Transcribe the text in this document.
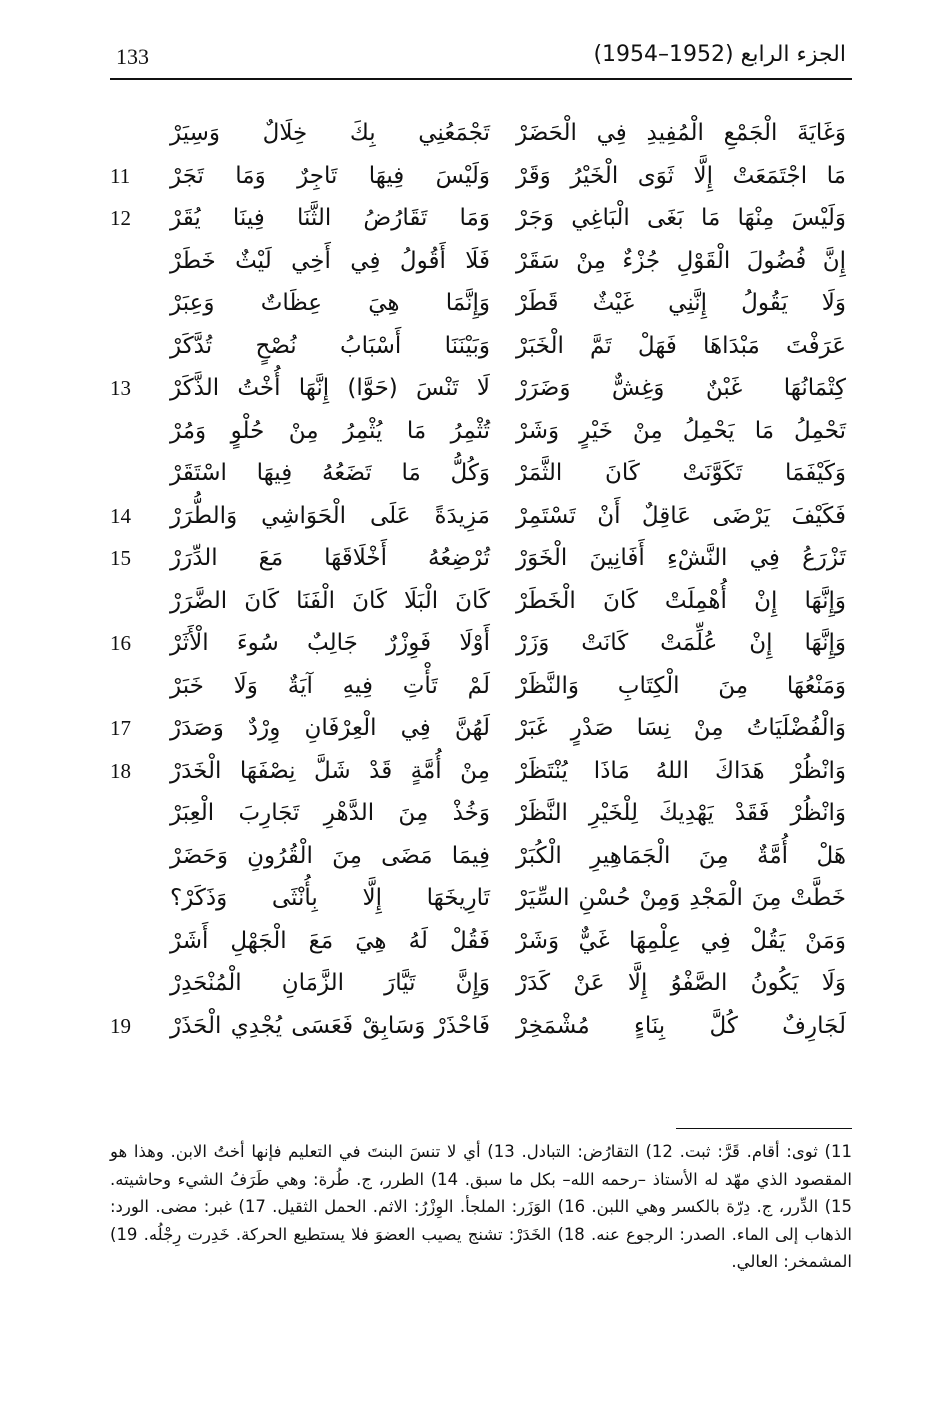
133	الجزء الرابع (1952–1954)
وَغَايَةَ الْجَمْعِ الْمُفِيدِ فِي الْحَضَرْ
تَجْمَعُنِي بِكَ خِلَالٌ وَسِيَرْ
مَا اجْتَمَعَتْ إِلَّا ثَوَى الْخَيْرُ وَقَرْ
وَلَيْسَ فِيهَا تَاجِرٌ وَمَا تَجَرْ
11
وَلَيْسَ مِنْهَا مَا بَغَى الْبَاغِي وَجَرْ
وَمَا تَقَارُضُ الثَّنَا فِينَا يُقَرْ
12
إِنَّ فُضُولَ الْقَوْلِ جُزْءٌ مِنْ سَقَرْ
فَلَا أَقُولُ فِي أَخِي لَيْثٌ خَطَرْ
وَلَا يَقُولُ إِنَّنِي غَيْثٌ قَطَرْ
وَإِنَّمَا هِيَ عِظَاتٌ وَعِبَرْ
عَرَفْتَ مَبْدَاهَا فَهَلْ تَمَّ الْخَبَرْ
وَبَيْنَنَا أَسْبَابُ نُصْحٍ تُدَّكَرْ
كِتْمَانُهَا غَبْنٌ وَغِشٌّ وَضَرَرْ
لَا تَنْسَ (حَوَّا) إِنَّهَا أُخْتُ الذَّكَرْ
13
تَحْمِلُ مَا يَحْمِلُ مِنْ خَيْرٍ وَشَرْ
تُثْمِرُ مَا يُثْمِرُ مِنْ حُلْوٍ وَمُرْ
وَكَيْفَمَا تَكَوَّنَتْ كَانَ الثَّمَرْ
وَكُلُّ مَا تَضَعُهُ فِيهَا اسْتَقَرْ
فَكَيْفَ يَرْضَى عَاقِلٌ أَنْ تَسْتَمِرْ
مَزِيدَةً عَلَى الْحَوَاشِي وَالطُّرَرْ
14
تَزْرَعُ فِي النَّشْءِ أَفَانِينَ الْخَوَرْ
تُرْضِعُهُ أَخْلَاقَهَا مَعَ الدِّرَرْ
15
وَإِنَّهَا إِنْ أُهْمِلَتْ كَانَ الْخَطَرْ
كَانَ الْبَلَا كَانَ الْفَنَا كَانَ الضَّرَرْ
وَإِنَّهَا إِنْ عُلِّمَتْ كَانَتْ وَزَرْ
أَوْلَا فَوِزْرٌ جَالِبٌ سُوءَ الْأَثَرْ
16
وَمَنْعُهَا مِنَ الْكِتَابِ وَالنَّظَرْ
لَمْ تَأْتِ فِيهِ آيَةٌ وَلَا خَبَرْ
وَالْفُضْلَيَاتُ مِنْ نِسَا صَدْرٍ غَبَرْ
لَهُنَّ فِي الْعِرْفَانِ وِرْدٌ وَصَدَرْ
17
وَانْظُرْ هَدَاكَ اللهُ مَاذَا يُنْتَظَرْ
مِنْ أُمَّةٍ قَدْ شَلَّ نِصْفَهَا الْخَدَرْ
18
وَانْظُرْ فَقَدْ يَهْدِيكَ لِلْخَيْرِ النَّظَرْ
وَخُذْ مِنَ الدَّهْرِ تَجَارِبَ الْعِبَرْ
هَلْ أُمَّةٌ مِنَ الْجَمَاهِيرِ الْكُبَرْ
فِيمَا مَضَى مِنَ الْقُرُونِ وَحَضَرْ
خَطَّتْ مِنَ الْمَجْدِ وَمِنْ حُسْنِ السِّيَرْ
تَارِيخَهَا إِلَّا بِأُنْثَى وَذَكَرْ؟
وَمَنْ يَقُلْ فِي عِلْمِهَا غَيٌّ وَشَرْ
فَقُلْ لَهُ هِيَ مَعَ الْجَهْلِ أَشَرْ
وَلَا يَكُونُ الصَّفْوُ إِلَّا عَنْ كَدَرْ
وَإِنَّ تَيَّارَ الزَّمَانِ الْمُنْحَدِرْ
لَجَارِفٌ كُلَّ بِنَاءٍ مُشْمَخِرْ
فَاحْذَرْ وَسَابِقْ فَعَسَى يُجْدِي الْحَذَرْ
19
11) ثوى: أقام. قَرَّ: ثبت. 12) التقارُض: التبادل. 13) أي لا تنسَ البنتَ في التعليم فإنها أختُ الابن. وهذا هو المقصود الذي مهّد له الأستاذ –رحمه الله– بكل ما سبق. 14) الطرر، ج. طُرة: وهي طَرَفُ الشيء وحاشيته. 15) الدِّرر، ج. دِرّة بالكسر وهي اللبن. 16) الوَزَر: الملجأ. الوِزْرُ: الاثم. الحمل الثقيل. 17) غبر: مضى. الورد: الذهاب إلى الماء. الصدر: الرجوع عنه. 18) الخَدَرْ: تشنج يصيب العضوَ فلا يستطيع الحركة. خَدِرت رِجْلُه. 19) المشمخر: العالي.
